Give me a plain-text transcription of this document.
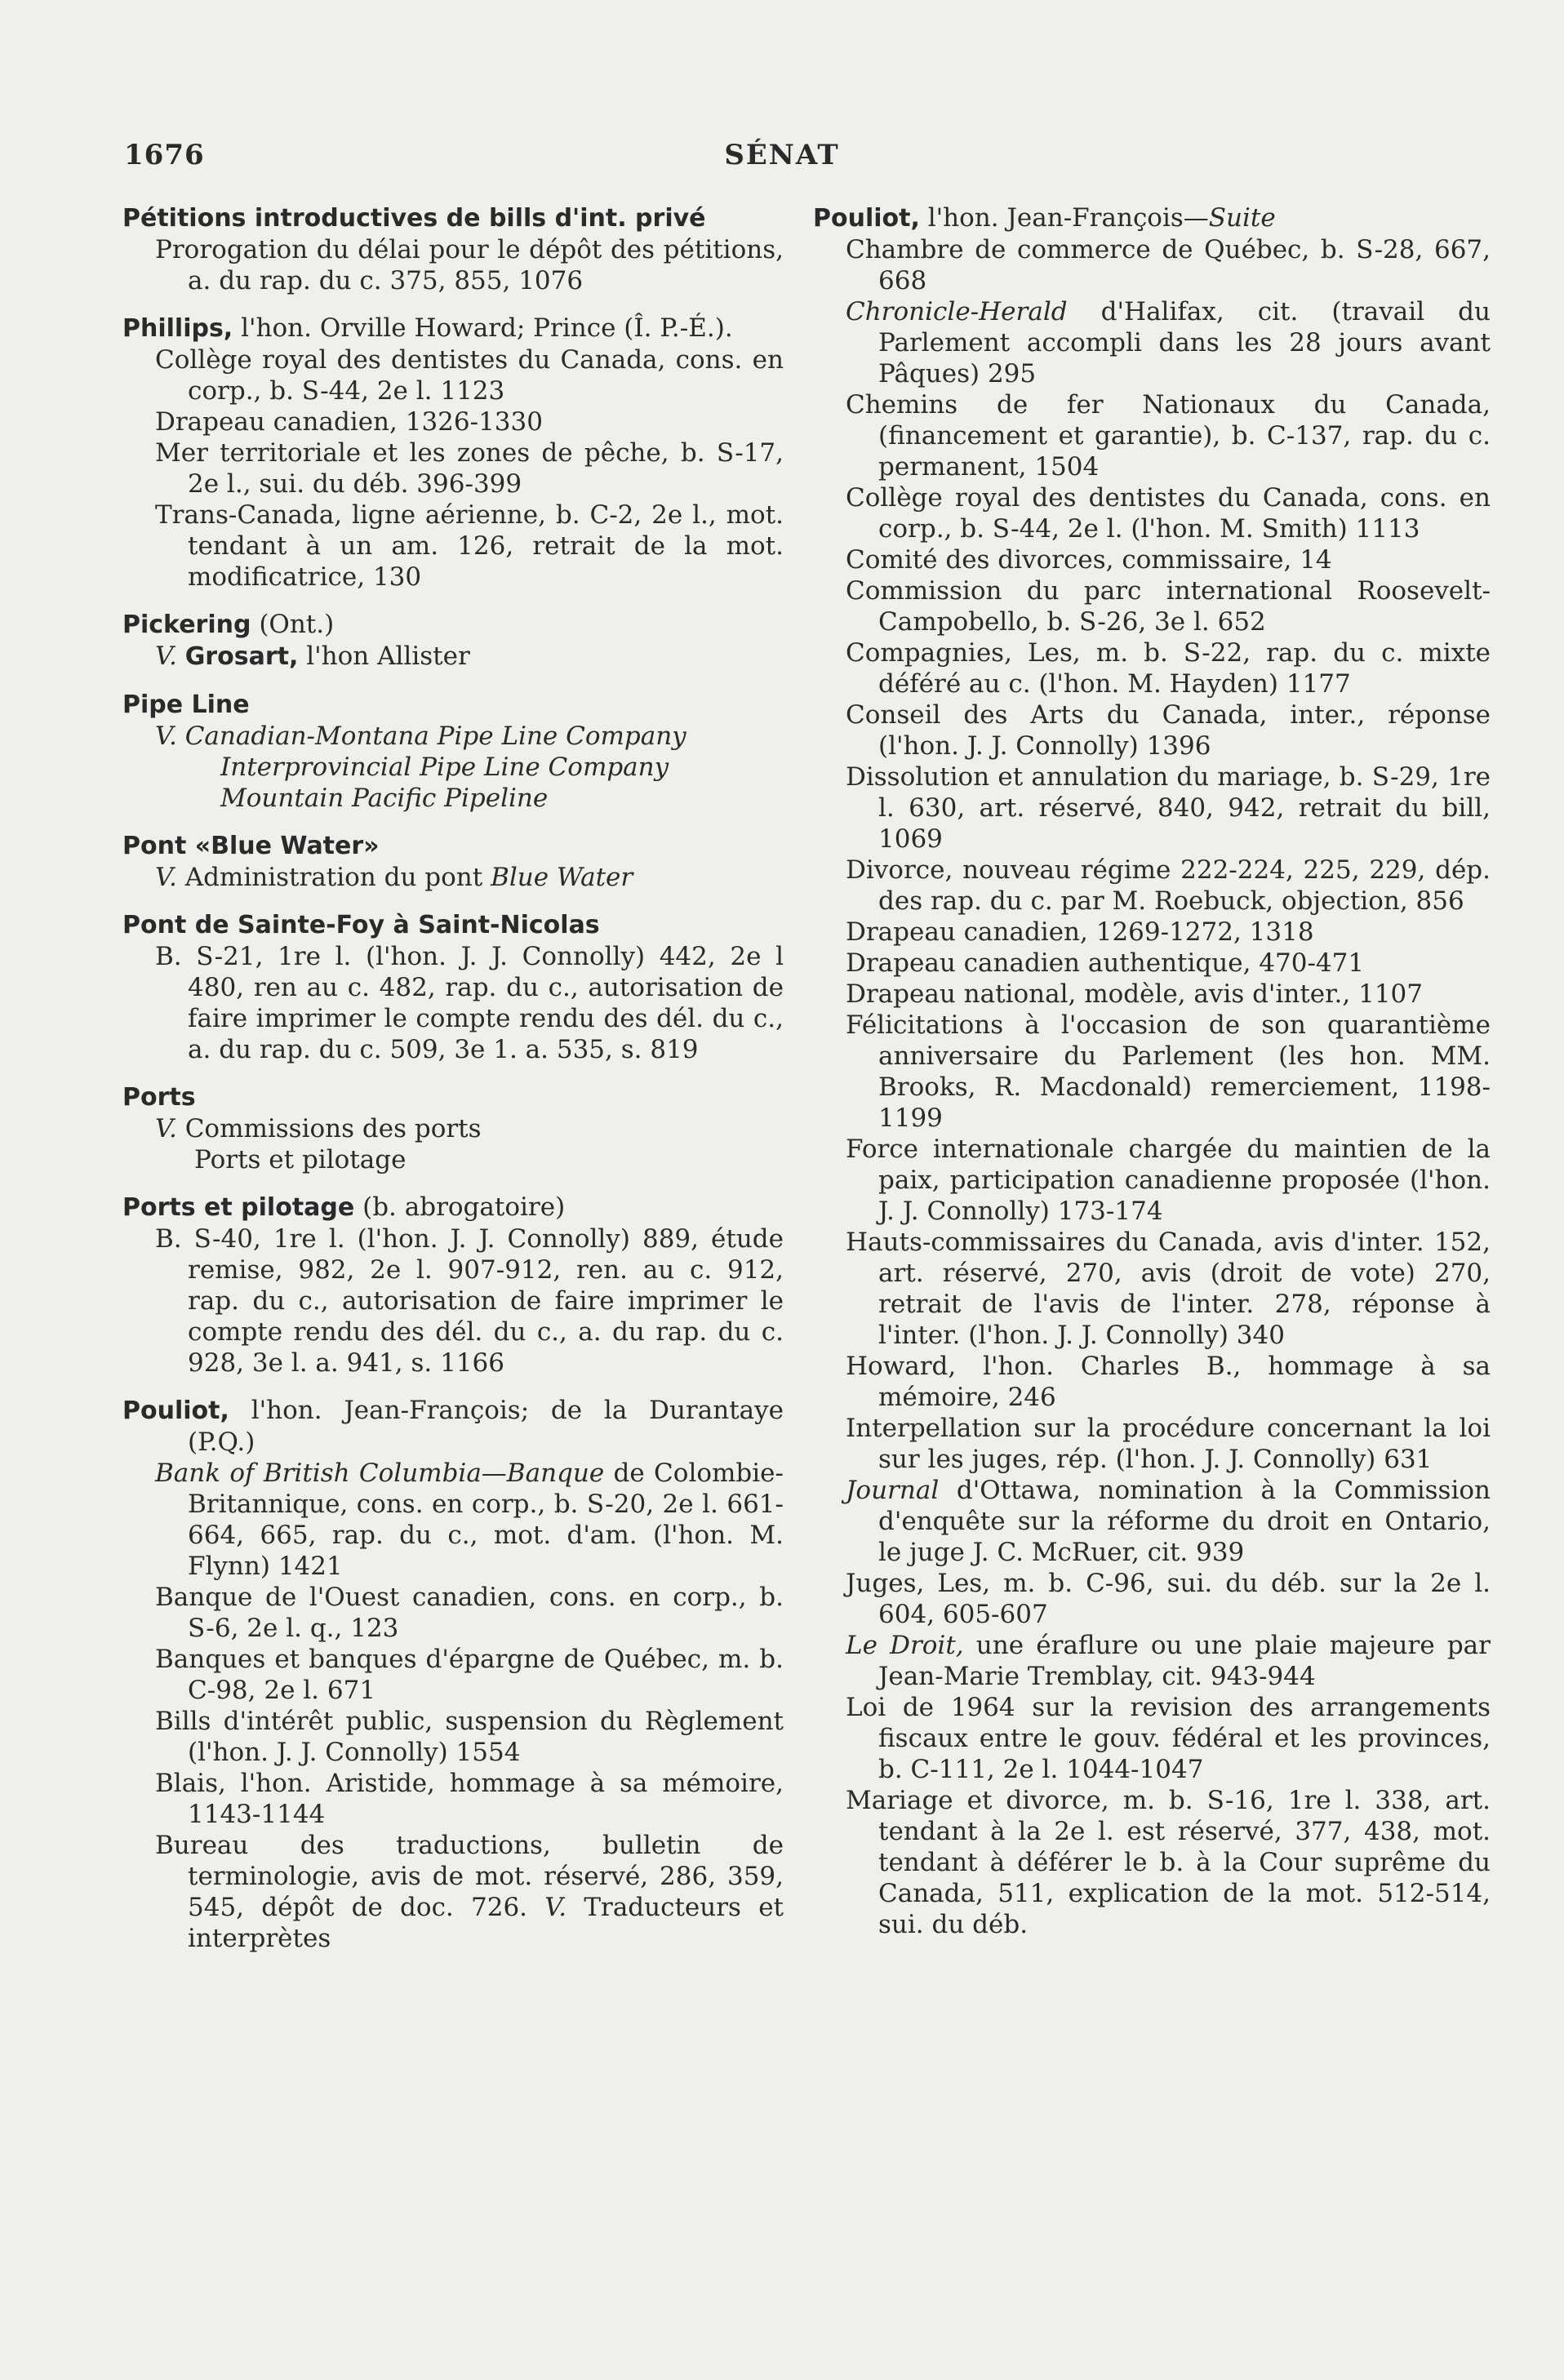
1676	SÉNAT
Pétitions introductives de bills d'int. privé
Prorogation du délai pour le dépôt des pétitions, a. du rap. du c. 375, 855, 1076
Phillips, l'hon. Orville Howard; Prince (Î. P.-É.).
Collège royal des dentistes du Canada, cons. en corp., b. S-44, 2e l. 1123
Drapeau canadien, 1326-1330
Mer territoriale et les zones de pêche, b. S-17, 2e l., sui. du déb. 396-399
Trans-Canada, ligne aérienne, b. C-2, 2e l., mot. tendant à un am. 126, retrait de la mot. modificatrice, 130
Pickering (Ont.)
V. Grosart, l'hon Allister
Pipe Line
V. Canadian-Montana Pipe Line Company
Interprovincial Pipe Line Company
Mountain Pacific Pipeline
Pont «Blue Water»
V. Administration du pont Blue Water
Pont de Sainte-Foy à Saint-Nicolas
B. S-21, 1re l. (l'hon. J. J. Connolly) 442, 2e l 480, ren au c. 482, rap. du c., autorisation de faire imprimer le compte rendu des dél. du c., a. du rap. du c. 509, 3e 1. a. 535, s. 819
Ports
V. Commissions des ports
Ports et pilotage
Ports et pilotage (b. abrogatoire)
B. S-40, 1re l. (l'hon. J. J. Connolly) 889, étude remise, 982, 2e l. 907-912, ren. au c. 912, rap. du c., autorisation de faire imprimer le compte rendu des dél. du c., a. du rap. du c. 928, 3e l. a. 941, s. 1166
Pouliot, l'hon. Jean-François; de la Durantaye (P.Q.)
Bank of British Columbia—Banque de Colombie-Britannique, cons. en corp., b. S-20, 2e l. 661-664, 665, rap. du c., mot. d'am. (l'hon. M. Flynn) 1421
Banque de l'Ouest canadien, cons. en corp., b. S-6, 2e l. q., 123
Banques et banques d'épargne de Québec, m. b. C-98, 2e l. 671
Bills d'intérêt public, suspension du Règlement (l'hon. J. J. Connolly) 1554
Blais, l'hon. Aristide, hommage à sa mémoire, 1143-1144
Bureau des traductions, bulletin de terminologie, avis de mot. réservé, 286, 359, 545, dépôt de doc. 726. V. Traducteurs et interprètes
Pouliot, l'hon. Jean-François—Suite
Chambre de commerce de Québec, b. S-28, 667, 668
Chronicle-Herald d'Halifax, cit. (travail du Parlement accompli dans les 28 jours avant Pâques) 295
Chemins de fer Nationaux du Canada, (financement et garantie), b. C-137, rap. du c. permanent, 1504
Collège royal des dentistes du Canada, cons. en corp., b. S-44, 2e l. (l'hon. M. Smith) 1113
Comité des divorces, commissaire, 14
Commission du parc international Roosevelt-Campobello, b. S-26, 3e l. 652
Compagnies, Les, m. b. S-22, rap. du c. mixte déféré au c. (l'hon. M. Hayden) 1177
Conseil des Arts du Canada, inter., réponse (l'hon. J. J. Connolly) 1396
Dissolution et annulation du mariage, b. S-29, 1re l. 630, art. réservé, 840, 942, retrait du bill, 1069
Divorce, nouveau régime 222-224, 225, 229, dép. des rap. du c. par M. Roebuck, objection, 856
Drapeau canadien, 1269-1272, 1318
Drapeau canadien authentique, 470-471
Drapeau national, modèle, avis d'inter., 1107
Félicitations à l'occasion de son quarantième anniversaire du Parlement (les hon. MM. Brooks, R. Macdonald) remerciement, 1198-1199
Force internationale chargée du maintien de la paix, participation canadienne proposée (l'hon. J. J. Connolly) 173-174
Hauts-commissaires du Canada, avis d'inter. 152, art. réservé, 270, avis (droit de vote) 270, retrait de l'avis de l'inter. 278, réponse à l'inter. (l'hon. J. J. Connolly) 340
Howard, l'hon. Charles B., hommage à sa mémoire, 246
Interpellation sur la procédure concernant la loi sur les juges, rép. (l'hon. J. J. Connolly) 631
Journal d'Ottawa, nomination à la Commission d'enquête sur la réforme du droit en Ontario, le juge J. C. McRuer, cit. 939
Juges, Les, m. b. C-96, sui. du déb. sur la 2e l. 604, 605-607
Le Droit, une éraflure ou une plaie majeure par Jean-Marie Tremblay, cit. 943-944
Loi de 1964 sur la revision des arrangements fiscaux entre le gouv. fédéral et les provinces, b. C-111, 2e l. 1044-1047
Mariage et divorce, m. b. S-16, 1re l. 338, art. tendant à la 2e l. est réservé, 377, 438, mot. tendant à déférer le b. à la Cour suprême du Canada, 511, explication de la mot. 512-514, sui. du déb.
